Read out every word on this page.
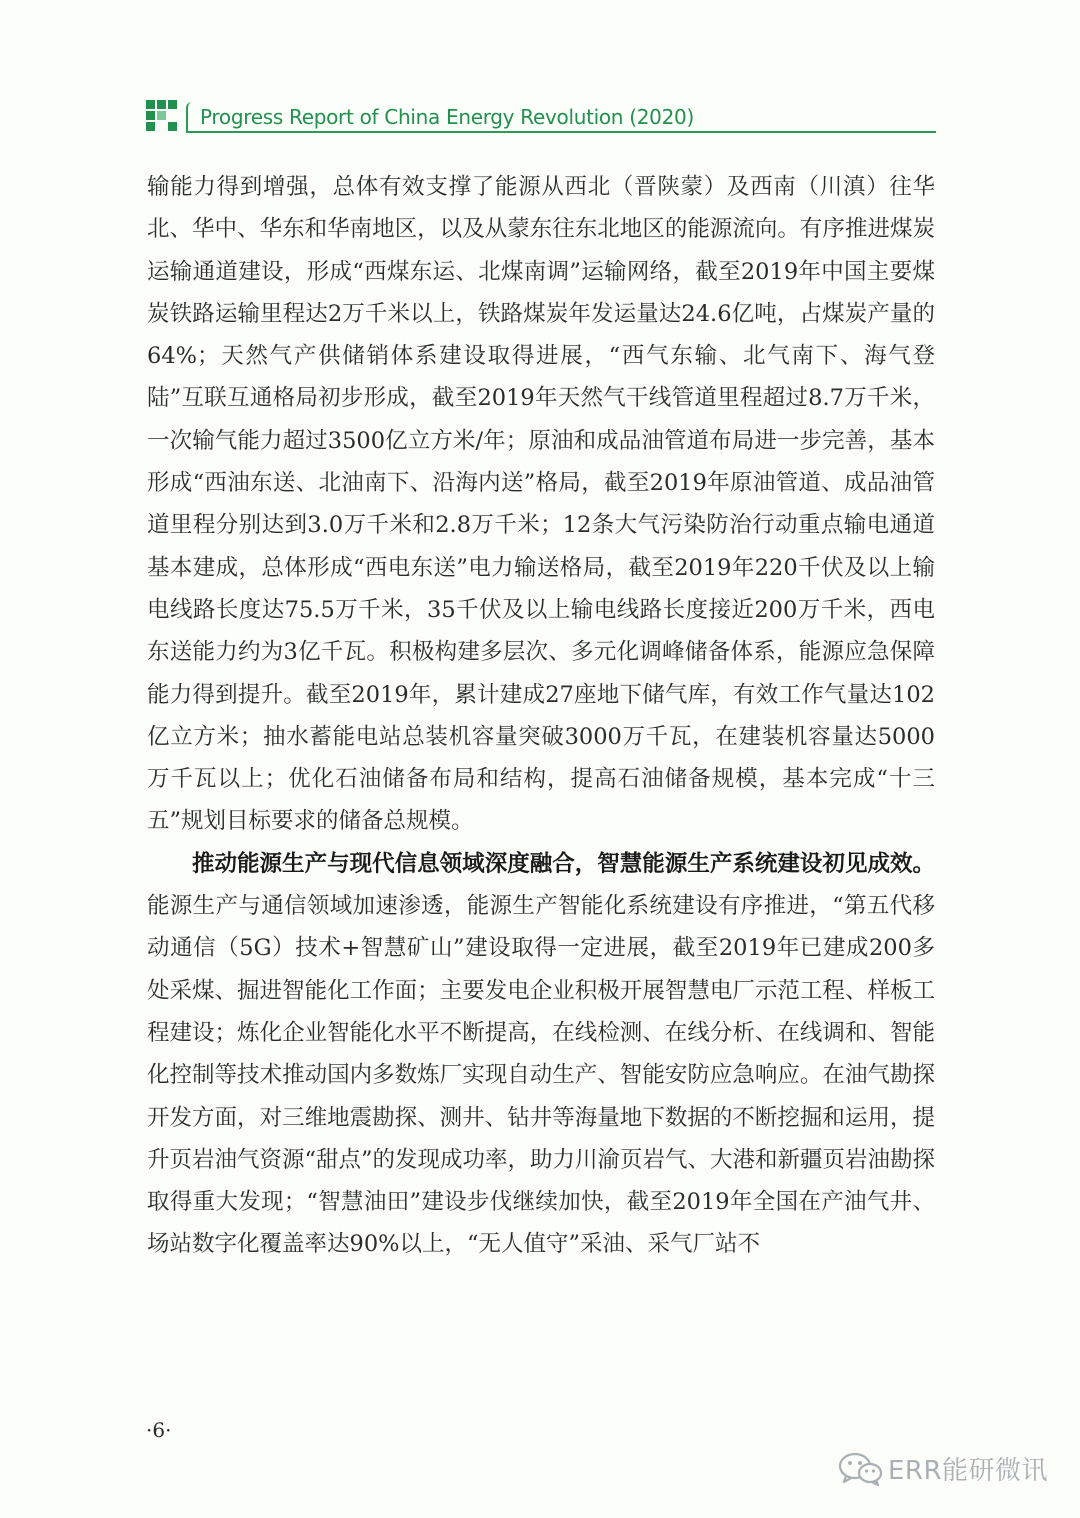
Progress Report of China Energy Revolution (2020)

输能力得到增强，总体有效支撑了能源从西北（晋陕蒙）及西南（川滇）往华北、华中、华东和华南地区，以及从蒙东往东北地区的能源流向。有序推进煤炭运输通道建设，形成“西煤东运、北煤南调”运输网络，截至2019年中国主要煤炭铁路运输里程达2万千米以上，铁路煤炭年发运量达24.6亿吨，占煤炭产量的64%；天然气产供储销体系建设取得进展，“西气东输、北气南下、海气登陆”互联互通格局初步形成，截至2019年天然气干线管道里程超过8.7万千米，一次输气能力超过3500亿立方米/年；原油和成品油管道布局进一步完善，基本形成“西油东送、北油南下、沿海内送”格局，截至2019年原油管道、成品油管道里程分别达到3.0万千米和2.8万千米；12条大气污染防治行动重点输电通道基本建成，总体形成“西电东送”电力输送格局，截至2019年220千伏及以上输电线路长度达75.5万千米，35千伏及以上输电线路长度接近200万千米，西电东送能力约为3亿千瓦。积极构建多层次、多元化调峰储备体系，能源应急保障能力得到提升。截至2019年，累计建成27座地下储气库，有效工作气量达102亿立方米；抽水蓄能电站总装机容量突破3000万千瓦，在建装机容量达5000万千瓦以上；优化石油储备布局和结构，提高石油储备规模，基本完成“十三五”规划目标要求的储备总规模。

推动能源生产与现代信息领域深度融合，智慧能源生产系统建设初见成效。能源生产与通信领域加速渗透，能源生产智能化系统建设有序推进，“第五代移动通信（5G）技术+智慧矿山”建设取得一定进展，截至2019年已建成200多处采煤、掘进智能化工作面；主要发电企业积极开展智慧电厂示范工程、样板工程建设；炼化企业智能化水平不断提高，在线检测、在线分析、在线调和、智能化控制等技术推动国内多数炼厂实现自动生产、智能安防应急响应。在油气勘探开发方面，对三维地震勘探、测井、钻井等海量地下数据的不断挖掘和运用，提升页岩油气资源“甜点”的发现成功率，助力川渝页岩气、大港和新疆页岩油勘探取得重大发现；“智慧油田”建设步伐继续加快，截至2019年全国在产油气井、场站数字化覆盖率达90%以上，“无人值守”采油、采气厂站不

·6·
ERR能研微讯
